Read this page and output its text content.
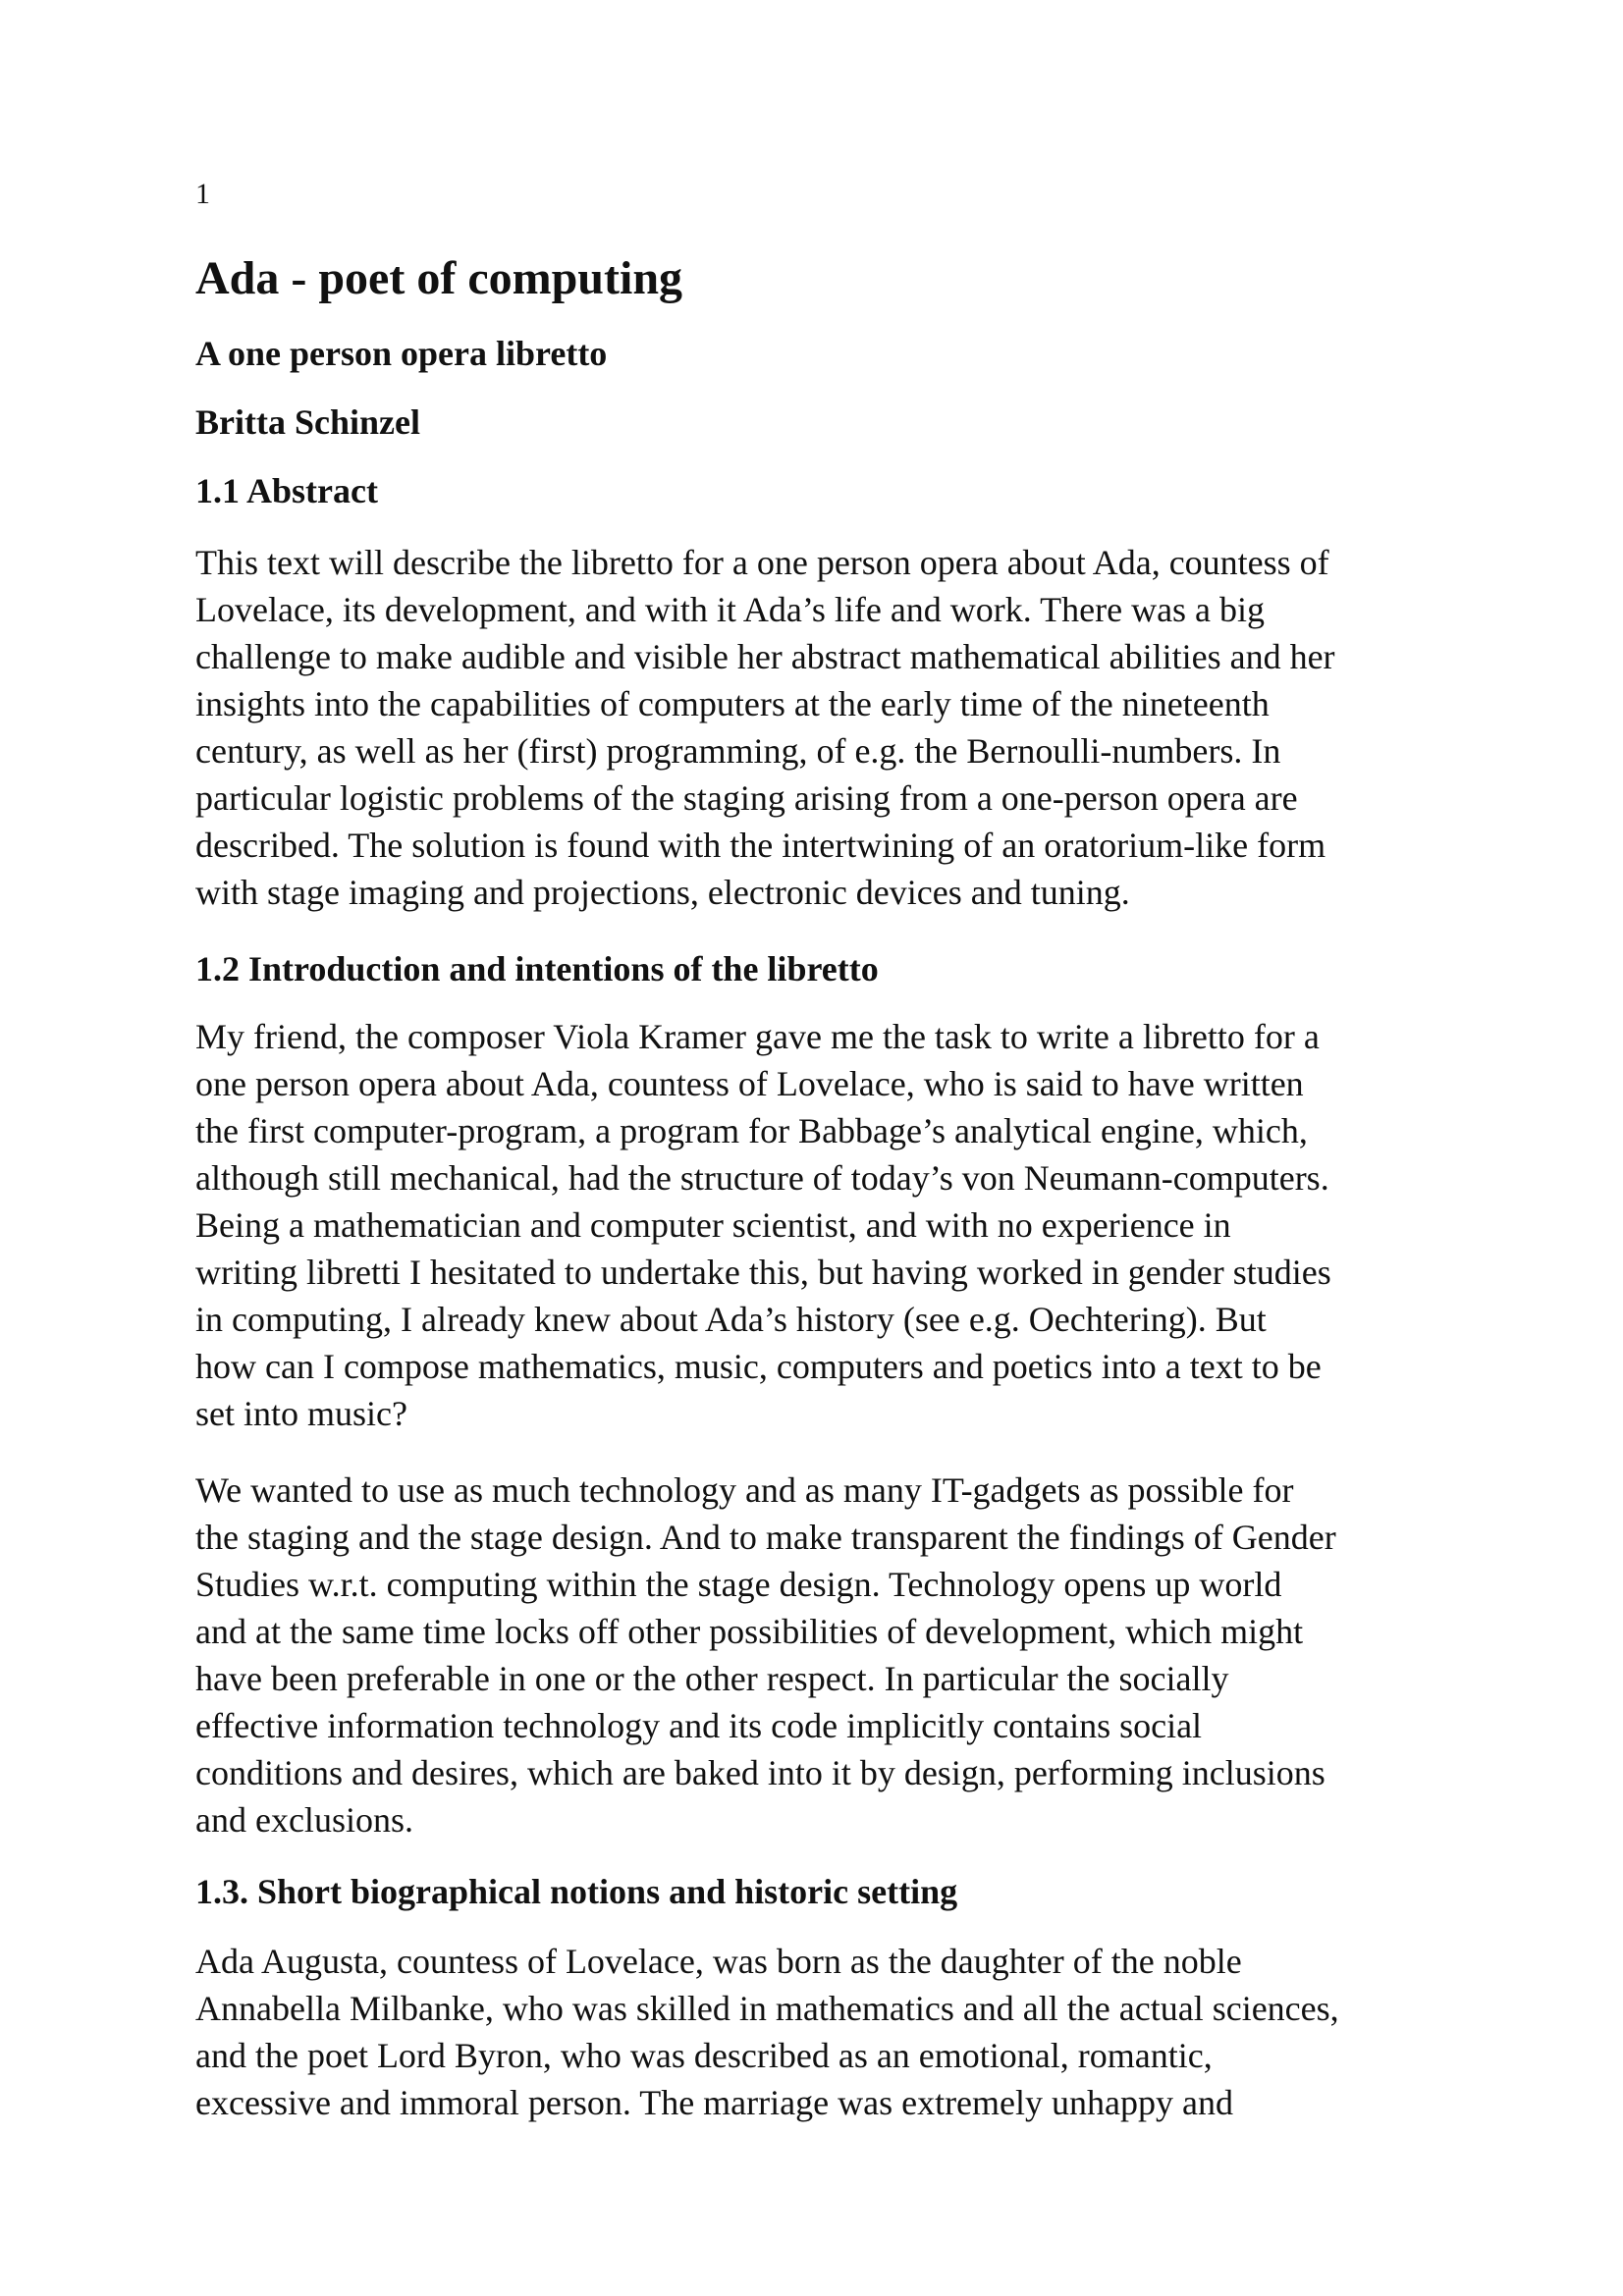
1

Ada - poet of computing
A one person opera libretto
Britta Schinzel
1.1 Abstract

This text will describe the libretto for a one person opera about Ada, countess of
Lovelace, its development, and with it Ada’s life and work. There was a big
challenge to make audible and visible her abstract mathematical abilities and her
insights into the capabilities of computers at the early time of the nineteenth
century, as well as her (first) programming, of e.g. the Bernoulli-numbers. In
particular logistic problems of the staging arising from a one-person opera are
described. The solution is found with the intertwining of an oratorium-like form
with stage imaging and projections, electronic devices and tuning.

1.2 Introduction and intentions of the libretto

My friend, the composer Viola Kramer gave me the task to write a libretto for a
one person opera about Ada, countess of Lovelace, who is said to have written
the first computer-program, a program for Babbage’s analytical engine, which,
although still mechanical, had the structure of today’s von Neumann-computers.
Being a mathematician and computer scientist, and with no experience in
writing libretti I hesitated to undertake this, but having worked in gender studies
in computing, I already knew about Ada’s history (see e.g. Oechtering). But
how can I compose mathematics, music, computers and poetics into a text to be
set into music?

We wanted to use as much technology and as many IT-gadgets as possible for
the staging and the stage design. And to make transparent the findings of Gender
Studies w.r.t. computing within the stage design. Technology opens up world
and at the same time locks off other possibilities of development, which might
have been preferable in one or the other respect. In particular the socially
effective information technology and its code implicitly contains social
conditions and desires, which are baked into it by design, performing inclusions
and exclusions.

1.3. Short biographical notions and historic setting

Ada Augusta, countess of Lovelace, was born as the daughter of the noble
Annabella Milbanke, who was skilled in mathematics and all the actual sciences,
and the poet Lord Byron, who was described as an emotional, romantic,
excessive and immoral person. The marriage was extremely unhappy and
